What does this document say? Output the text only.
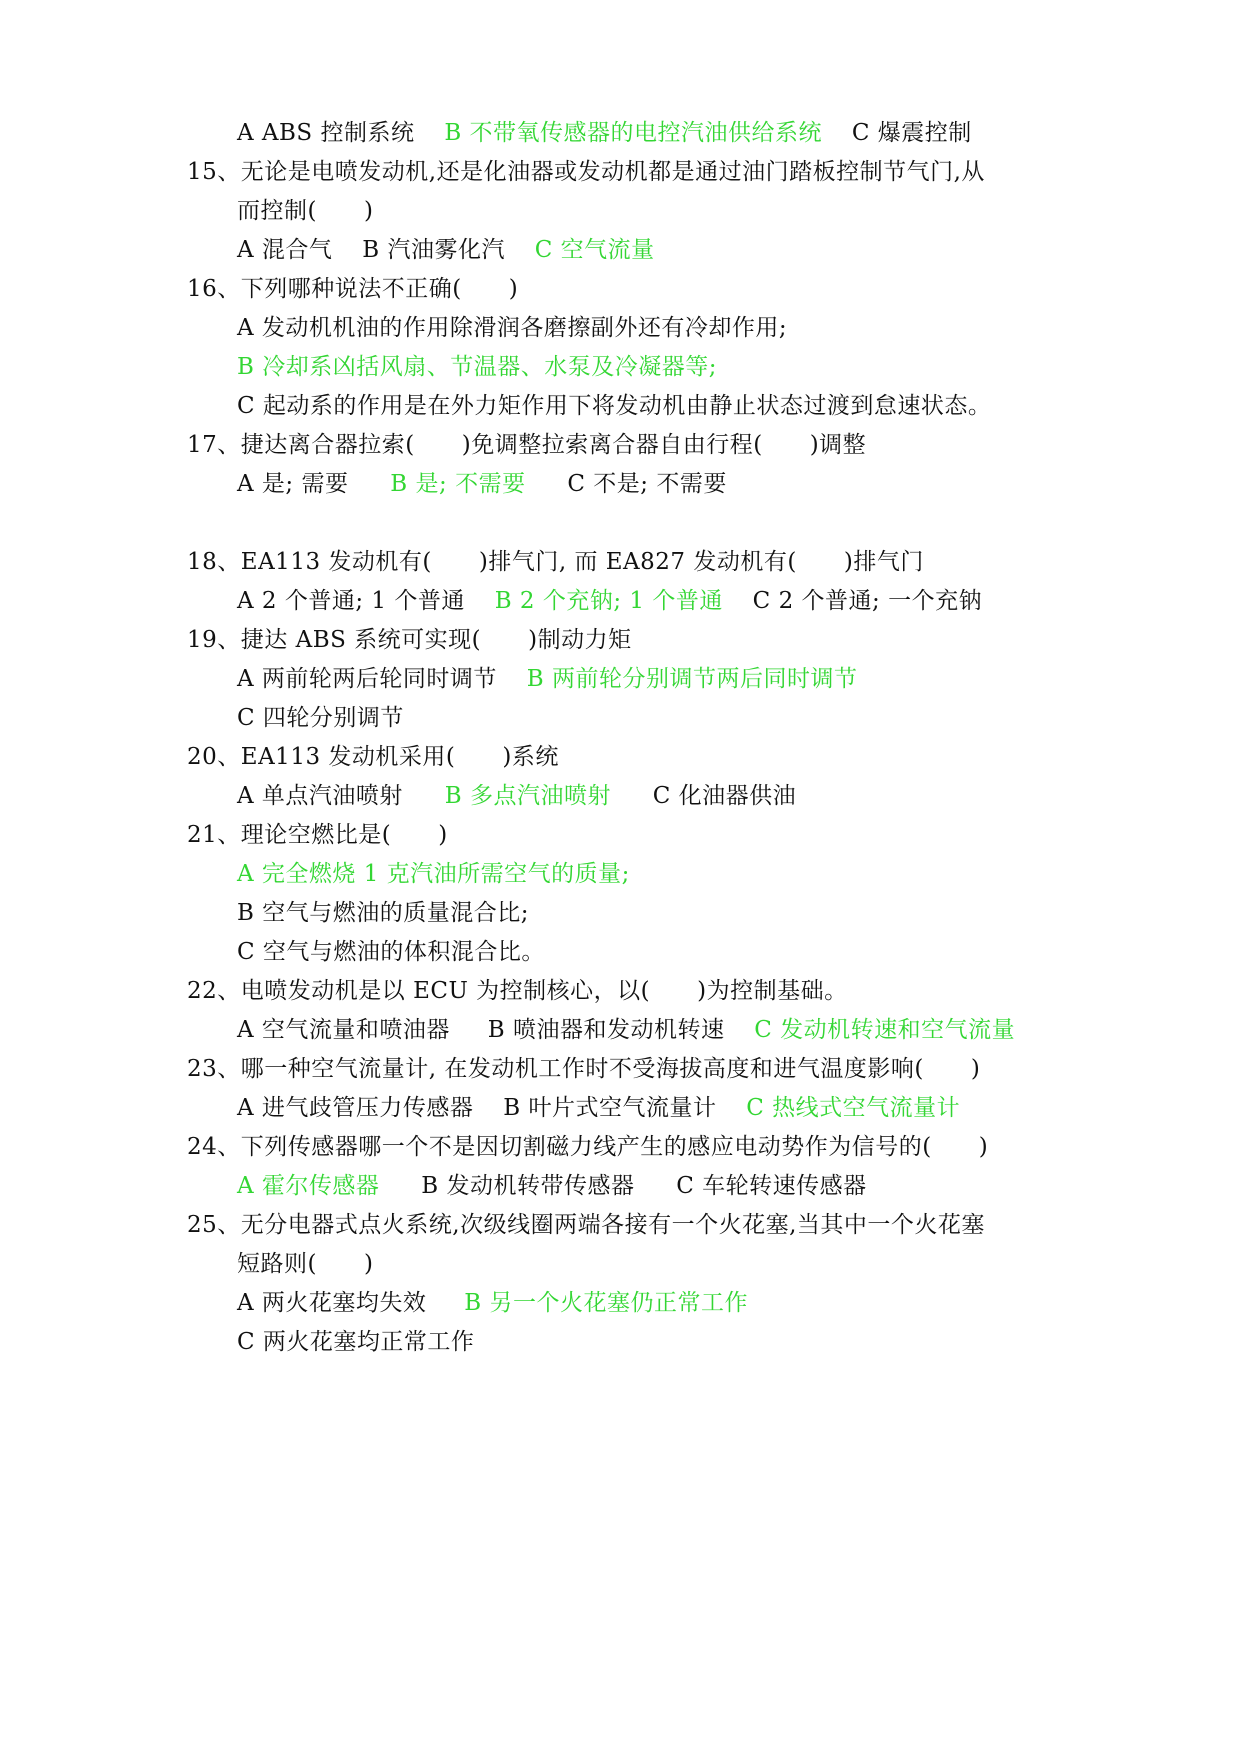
A ABS 控制系统 B 不带氧传感器的电控汽油供给系统 C 爆震控制
15、无论是电喷发动机,还是化油器或发动机都是通过油门踏板控制节气门,从
而控制(　　)
A 混合气 B 汽油雾化汽 C 空气流量
16、下列哪种说法不正确(　　)
A 发动机机油的作用除滑润各磨擦副外还有冷却作用;
B 冷却系凶括风扇、节温器、水泵及冷凝器等;
C 起动系的作用是在外力矩作用下将发动机由静止状态过渡到怠速状态。
17、捷达离合器拉索(　　)免调整拉索离合器自由行程(　　)调整
A 是; 需要 B 是; 不需要 C 不是; 不需要
18、EA113 发动机有(　　)排气门, 而 EA827 发动机有(　　)排气门
A 2 个普通; 1 个普通 B 2 个充钠; 1 个普通 C 2 个普通; 一个充钠
19、捷达 ABS 系统可实现(　　)制动力矩
A 两前轮两后轮同时调节 B 两前轮分别调节两后同时调节
C 四轮分别调节
20、EA113 发动机采用(　　)系统
A 单点汽油喷射 B 多点汽油喷射 C 化油器供油
21、理论空燃比是(　　)
A 完全燃烧 1 克汽油所需空气的质量;
B 空气与燃油的质量混合比;
C 空气与燃油的体积混合比。
22、电喷发动机是以 ECU 为控制核心，以(　　)为控制基础。
A 空气流量和喷油器 B 喷油器和发动机转速 C 发动机转速和空气流量
23、哪一种空气流量计, 在发动机工作时不受海拔高度和进气温度影响(　　)
A 进气歧管压力传感器 B 叶片式空气流量计 C 热线式空气流量计
24、下列传感器哪一个不是因切割磁力线产生的感应电动势作为信号的(　　)
A 霍尔传感器 B 发动机转带传感器 C 车轮转速传感器
25、无分电器式点火系统,次级线圈两端各接有一个火花塞,当其中一个火花塞
短路则(　　)
A 两火花塞均失效 B 另一个火花塞仍正常工作
C 两火花塞均正常工作
